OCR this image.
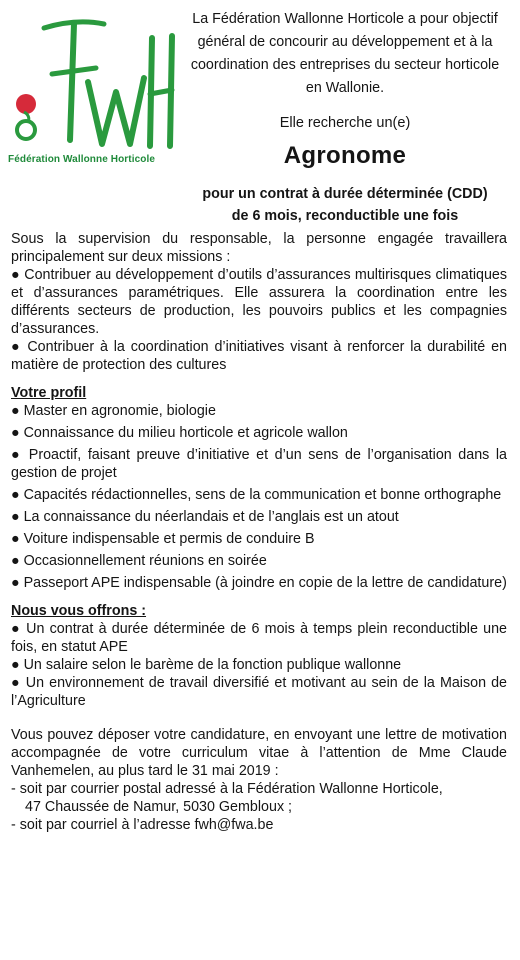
Fédération Wallonne Horticole
La Fédération Wallonne Horticole a pour objectif général de concourir au développement et à la coordination des entreprises du secteur horticole en Wallonie.
Elle recherche un(e)
Agronome
pour un contrat à durée déterminée (CDD)
de 6 mois, reconductible une fois

Sous la supervision du responsable, la personne engagée travaillera principalement sur deux missions :

● Contribuer au développement d’outils d’assurances multirisques climatiques et d’assurances paramétriques. Elle assurera la coordination entre les différents secteurs de production, les pouvoirs publics et les compagnies d’assurances.

● Contribuer à la coordination d’initiatives visant à renforcer la durabilité en matière de protection des cultures

Votre profil

● Master en agronomie, biologie

● Connaissance du milieu horticole et agricole wallon

● Proactif, faisant preuve d’initiative et d’un sens de l’organisation dans la gestion de projet

● Capacités rédactionnelles, sens de la communication et bonne orthographe

● La connaissance du néerlandais et de l’anglais est un atout

● Voiture indispensable et permis de conduire B

● Occasionnellement réunions en soirée

● Passeport APE indispensable (à joindre en copie de la lettre de candidature)

Nous vous offrons :

● Un contrat à durée déterminée de 6 mois à temps plein reconductible une fois, en statut APE

● Un salaire selon le barème de la fonction publique wallonne

● Un environnement de travail diversifié et motivant au sein de la Maison de l’Agriculture

Vous pouvez déposer votre candidature, en envoyant une lettre de motivation accompagnée de votre curriculum vitae à l’attention de Mme Claude Vanhemelen, au plus tard le 31 mai 2019 :

- soit par courrier postal adressé à la Fédération Wallonne Horticole,

47 Chaussée de Namur, 5030 Gembloux ;

- soit par courriel à l’adresse fwh@fwa.be
